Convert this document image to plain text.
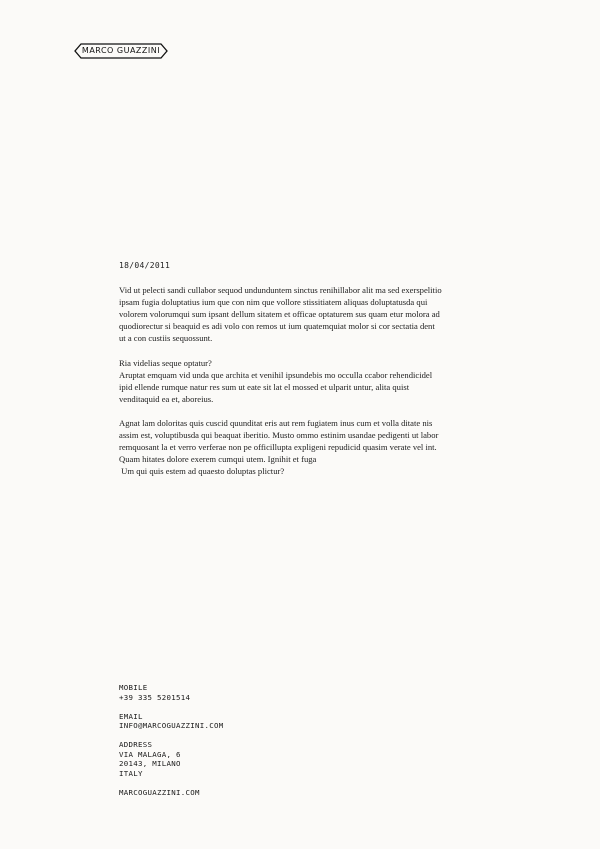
MARCO GUAZZINI
18/04/2011

Vid ut pelecti sandi cullabor sequod undunduntem sinctus renihillabor alit ma sed exerspelitio
ipsam fugia doluptatius ium que con nim que vollore stissitiatem aliquas doluptatusda qui
volorem volorumqui sum ipsant dellum sitatem et officae optaturem sus quam etur molora ad
quodiorectur si beaquid es adi volo con remos ut ium quatemquiat molor si cor sectatia dent
ut a con custiis sequossunt.

Ria videlias seque optatur?
Aruptat emquam vid unda que archita et venihil ipsundebis mo occulla ccabor rehendicidel
ipid ellende rumque natur res sum ut eate sit lat el mossed et ulparit untur, alita quist
venditaquid ea et, aboreius.

Agnat lam doloritas quis cuscid quunditat eris aut rem fugiatem inus cum et volla ditate nis
assim est, voluptibusda qui beaquat iberitio. Musto ommo estinim usandae pedigenti ut labor
remquosant la et verro verferae non pe officillupta expligeni repudicid quasim verate vel int.
Quam hitates dolore exerem cumqui utem. Ignihit et fuga
Um qui quis estem ad quaesto doluptas plictur?

MOBILE
+39 335 5201514
EMAIL
INFO@MARCOGUAZZINI.COM
ADDRESS
VIA MALAGA, 6
20143, MILANO
ITALY
MARCOGUAZZINI.COM
